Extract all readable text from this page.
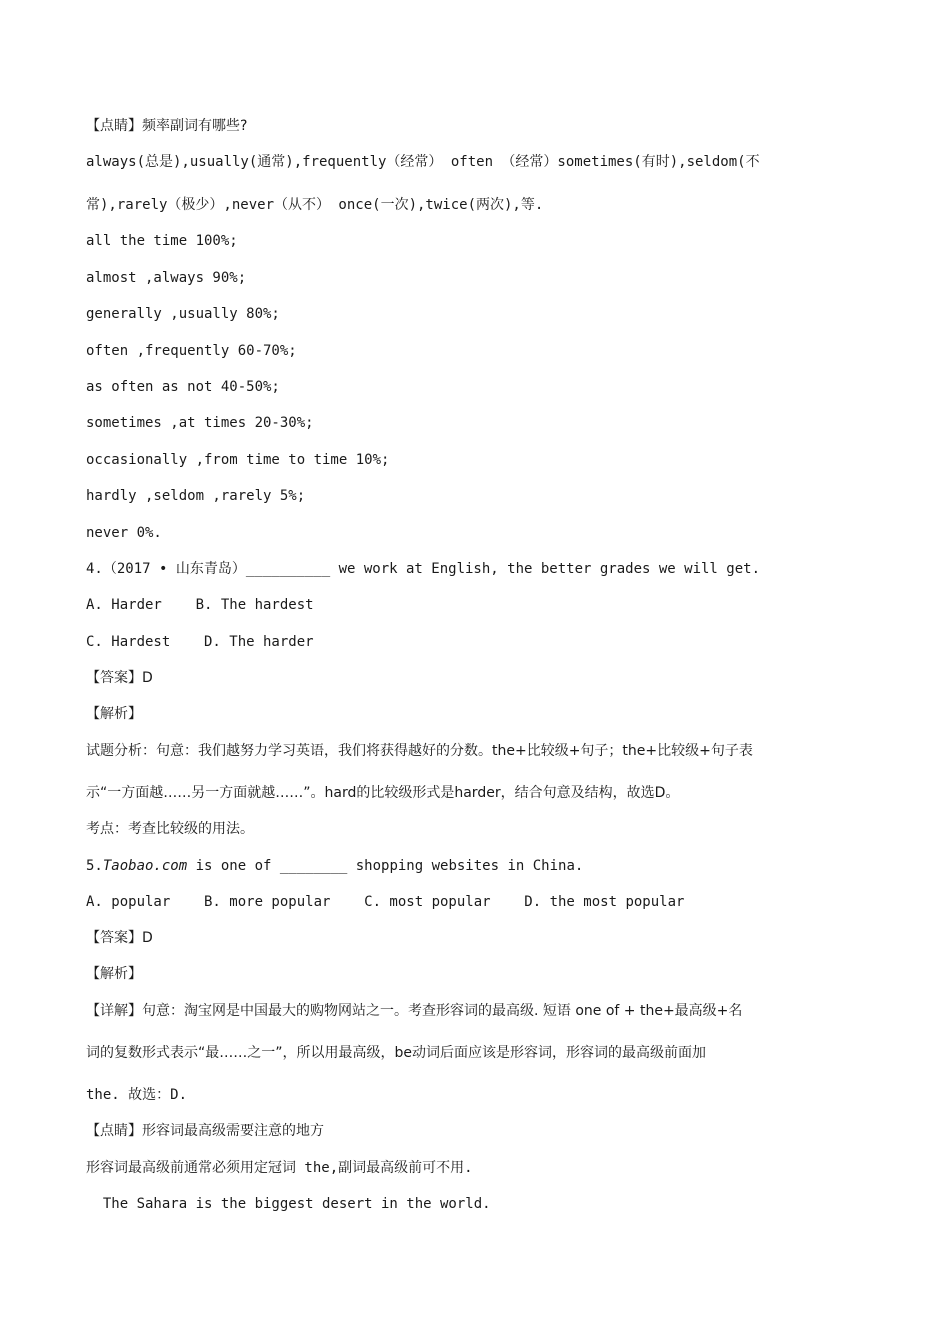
【点睛】频率副词有哪些?
always(总是),usually(通常),frequently（经常） often （经常）sometimes(有时),seldom(不
常),rarely（极少）,never（从不） once(一次),twice(两次),等.
all the time 100%;
almost ,always 90%;
generally ,usually 80%;
often ,frequently 60-70%;
as often as not 40-50%;
sometimes ,at times 20-30%;
occasionally ,from time to time 10%;
hardly ,seldom ,rarely 5%;
never 0%.
4.（2017 • 山东青岛）__________ we work at English, the better grades we will get.
A. Harder    B. The hardest
C. Hardest    D. The harder
【答案】D
【解析】
试题分析：句意：我们越努力学习英语，我们将获得越好的分数。the+比较级+句子；the+比较级+句子表
示“一方面越……另一方面就越……”。hard的比较级形式是harder，结合句意及结构，故选D。
考点：考查比较级的用法。
5.Taobao.com is one of ________ shopping websites in China.
A. popular    B. more popular    C. most popular    D. the most popular
【答案】D
【解析】
【详解】句意：淘宝网是中国最大的购物网站之一。考查形容词的最高级. 短语 one of + the+最高级+名
词的复数形式表示“最……之一”，所以用最高级，be动词后面应该是形容词，形容词的最高级前面加
the. 故选：D.
【点睛】形容词最高级需要注意的地方
形容词最高级前通常必须用定冠词 the,副词最高级前可不用.
The Sahara is the biggest desert in the world.
